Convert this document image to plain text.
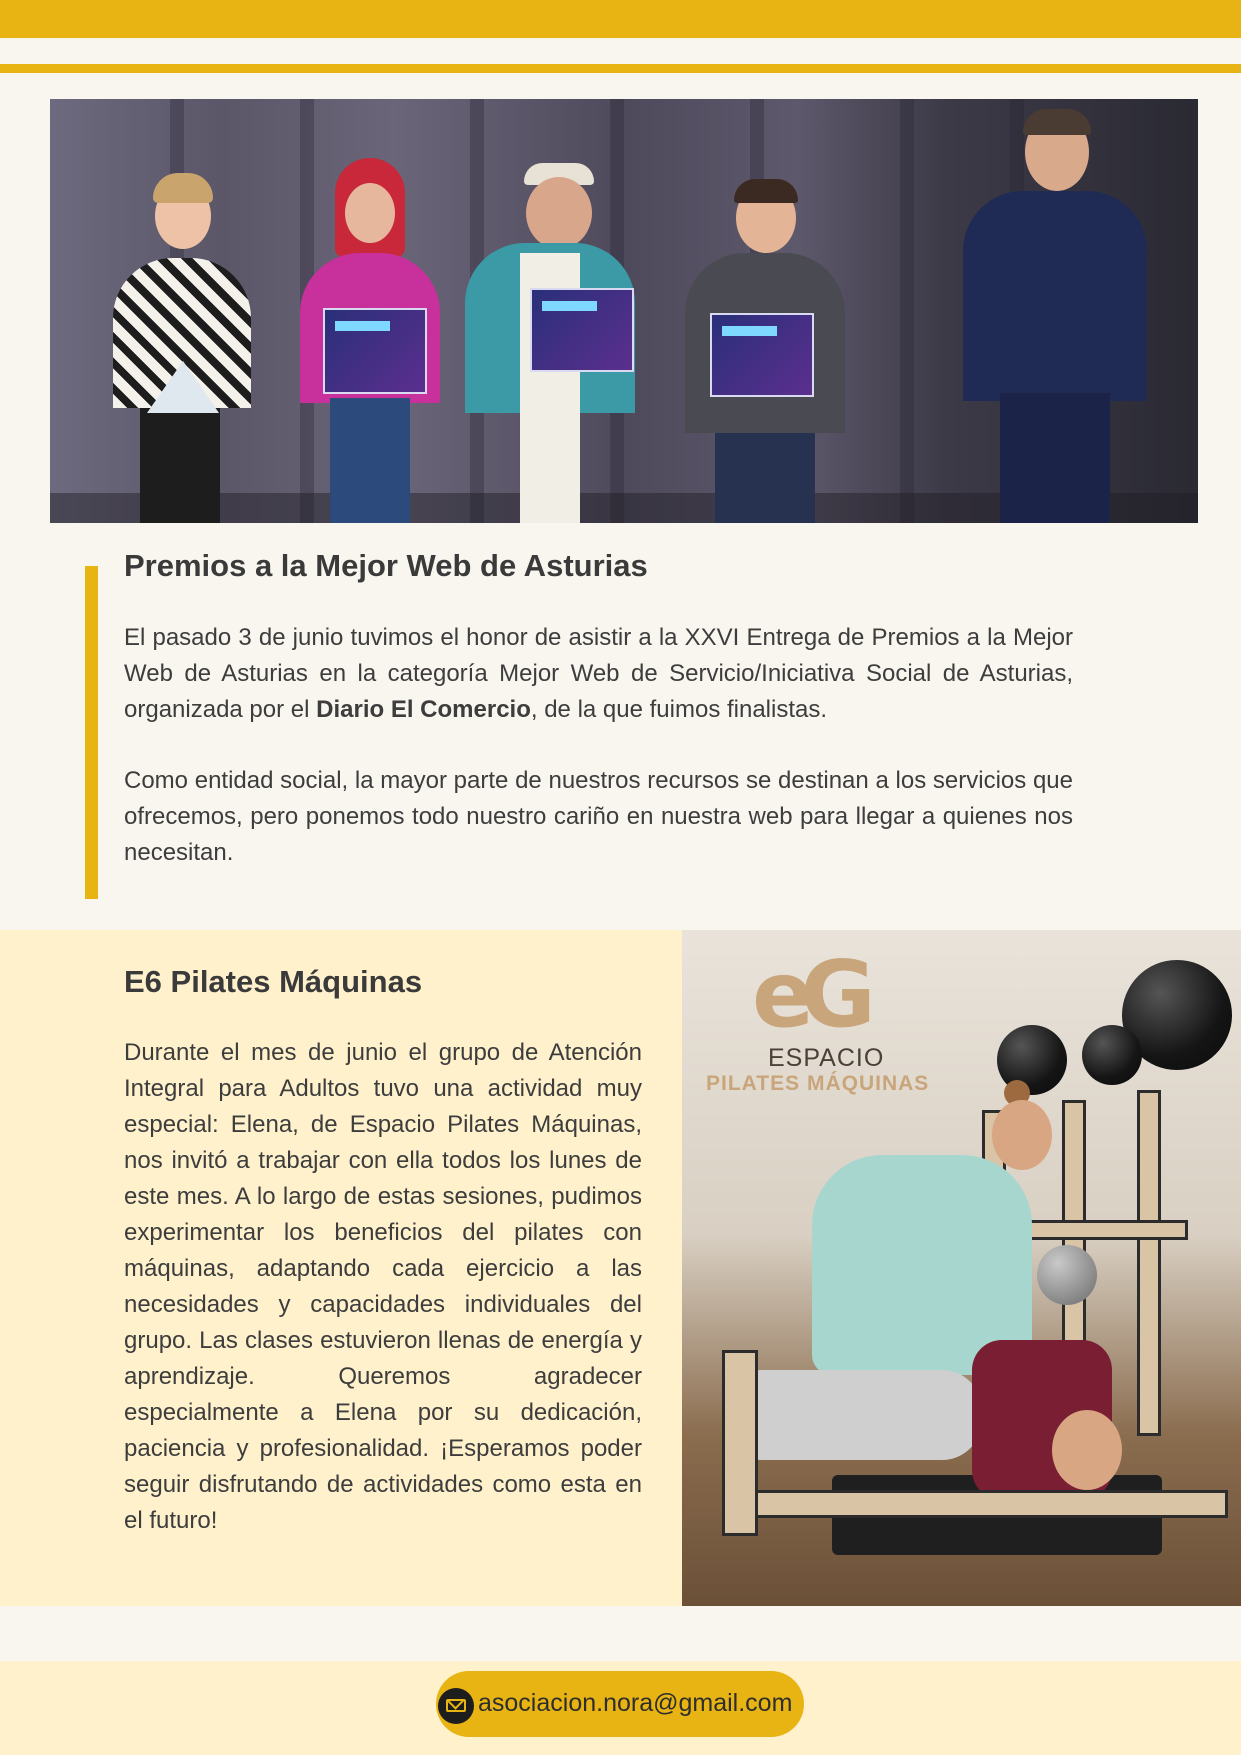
Premios a la Mejor Web de Asturias

El pasado 3 de junio tuvimos el honor de asistir a la XXVI Entrega de Premios a la Mejor Web de Asturias en la categoría Mejor Web de Servicio/Iniciativa Social de Asturias, organizada por el Diario El Comercio, de la que fuimos finalistas.

Como entidad social, la mayor parte de nuestros recursos se destinan a los servicios que ofrecemos, pero ponemos todo nuestro cariño en nuestra web para llegar a quienes nos necesitan.

E6 Pilates Máquinas

Durante el mes de junio el grupo de Atención Integral para Adultos tuvo una actividad muy especial: Elena, de Espacio Pilates Máquinas, nos invitó a trabajar con ella todos los lunes de este mes. A lo largo de estas sesiones, pudimos experimentar los beneficios del pilates con máquinas, adaptando cada ejercicio a las necesidades y capacidades individuales del grupo. Las clases estuvieron llenas de energía y aprendizaje. Queremos agradecer especialmente a Elena por su dedicación, paciencia y profesionalidad. ¡Esperamos poder seguir disfrutando de actividades como esta en el futuro!

eG

ESPACIO

PILATES MÁQUINAS

asociacion.nora@gmail.com
